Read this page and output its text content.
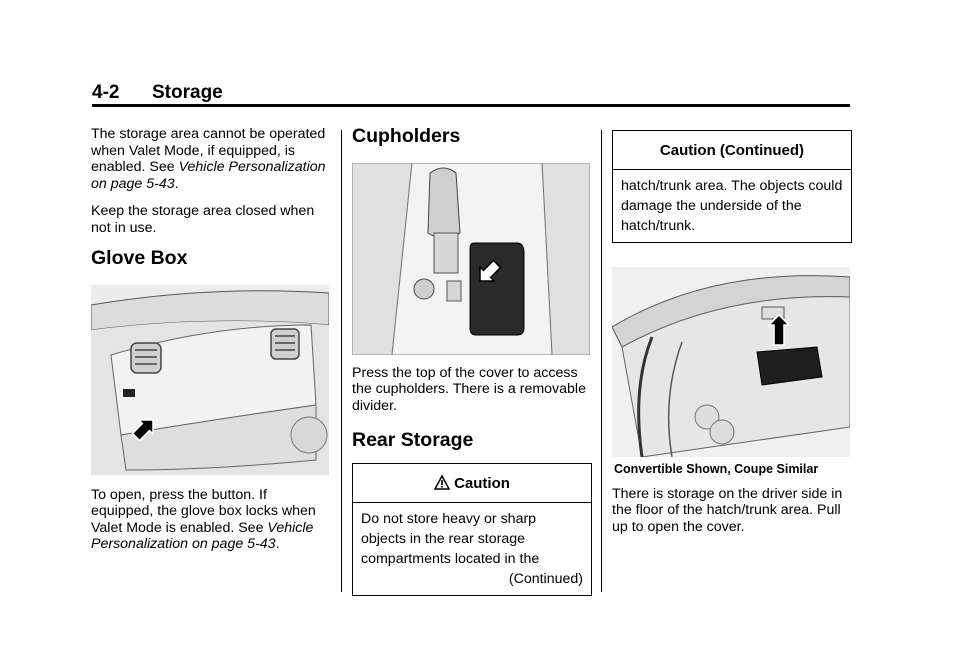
4-2 Storage

The storage area cannot be operated when Valet Mode, if equipped, is enabled. See Vehicle Personalization on page 5-43.

Keep the storage area closed when not in use.

Glove Box

To open, press the button. If equipped, the glove box locks when Valet Mode is enabled. See Vehicle Personalization on page 5-43.

Cupholders

Press the top of the cover to access the cupholders. There is a removable divider.

Rear Storage
Caution
Do not store heavy or sharp objects in the rear storage compartments located in the
(Continued)
Caution (Continued)
hatch/trunk area. The objects could damage the underside of the hatch/trunk.
Convertible Shown, Coupe Similar

There is storage on the driver side in the floor of the hatch/trunk area. Pull up to open the cover.
